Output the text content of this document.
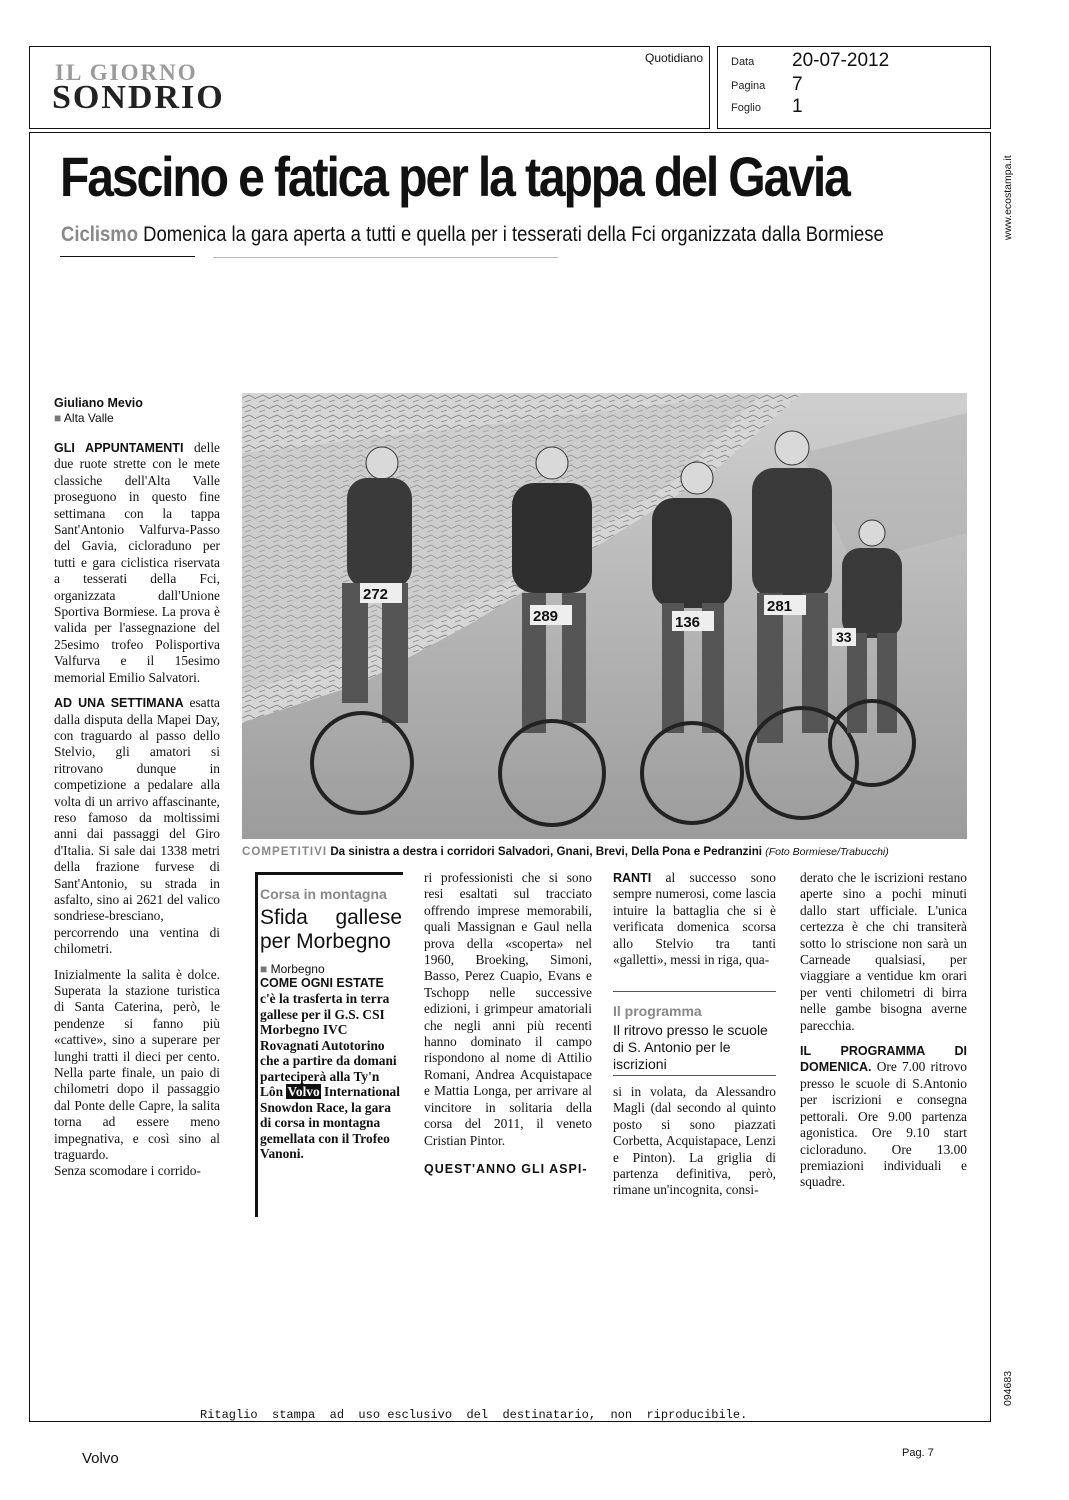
IL GIORNO
SONDRIO
Quotidiano	Data 20-07-2012
Pagina 7
Foglio 1
www.ecostampa.it
094683
Fascino e fatica per la tappa del Gavia
Ciclismo Domenica la gara aperta a tutti e quella per i tesserati della Fci organizzata dalla Bormiese
Giuliano Mevio
■ Alta Valle

GLI APPUNTAMENTI delle due ruote strette con le mete classiche dell'Alta Valle proseguono in questo fine settimana con la tappa Sant'Antonio Valfurva-Passo del Gavia, cicloraduno per tutti e gara ciclistica riservata a tesserati della Fci, organizzata dall'Unione Sportiva Bormiese. La prova è valida per l'assegnazione del 25esimo trofeo Polisportiva Valfurva e il 15esimo memorial Emilio Salvatori.

AD UNA SETTIMANA esatta dalla disputa della Mapei Day, con traguardo al passo dello Stelvio, gli amatori si ritrovano dunque in competizione a pedalare alla volta di un arrivo affascinante, reso famoso da moltissimi anni dai passaggi del Giro d'Italia. Si sale dai 1338 metri della frazione furvese di Sant'Antonio, su strada in asfalto, sino ai 2621 del valico sondriese-bresciano, percorrendo una ventina di chilometri.

Inizialmente la salita è dolce. Superata la stazione turistica di Santa Caterina, però, le pendenze si fanno più «cattive», sino a superare per lunghi tratti il dieci per cento. Nella parte finale, un paio di chilometri dopo il passaggio dal Ponte delle Capre, la salita torna ad essere meno impegnativa, e così sino al traguardo.

Senza scomodare i corrido-

272
289	136
281
33
COMPETITIVI Da sinistra a destra i corridori Salvadori, Gnani, Brevi, Della Pona e Pedranzini (Foto Bormiese/Trabucchi)
Corsa in montagna
Sfida gallese per Morbegno
■ Morbegno
COME OGNI ESTATE
c'è la trasferta in terra gallese per il G.S. CSI Morbegno IVC Rovagnati Autotorino che a partire da domani parteciperà alla Ty'n Lôn Volvo International Snowdon Race, la gara di corsa in montagna gemellata con il Trofeo Vanoni.

ri professionisti che si sono resi esaltati sul tracciato offrendo imprese memorabili, quali Massignan e Gaul nella prova della «scoperta» nel 1960, Broeking, Simoni, Basso, Perez Cuapio, Evans e Tschopp nelle successive edizioni, i grimpeur amatoriali che negli anni più recenti hanno dominato il campo rispondono al nome di Attilio Romani, Andrea Acquistapace e Mattia Longa, per arrivare al vincitore in solitaria della corsa del 2011, il veneto Cristian Pintor.

QUEST'ANNO GLI ASPI-

RANTI al successo sono sempre numerosi, come lascia intuire la battaglia che si è verificata domenica scorsa allo Stelvio tra tanti «galletti», messi in riga, qua-

Il programma
Il ritrovo presso le scuole di S. Antonio per le iscrizioni

si in volata, da Alessandro Magli (dal secondo al quinto posto si sono piazzati Corbetta, Acquistapace, Lenzi e Pinton). La griglia di partenza definitiva, però, rimane un'incognita, consi-

derato che le iscrizioni restano aperte sino a pochi minuti dallo start ufficiale. L'unica certezza è che chi transiterà sotto lo striscione non sarà un Carneade qualsiasi, per viaggiare a ventidue km orari per venti chilometri di birra nelle gambe bisogna averne parecchia.

IL PROGRAMMA DI DOMENICA. Ore 7.00 ritrovo presso le scuole di S.Antonio per iscrizioni e consegna pettorali. Ore 9.00 partenza agonistica. Ore 9.10 start cicloraduno. Ore 13.00 premiazioni individuali e squadre.

Ritaglio  stampa  ad  uso esclusivo  del  destinatario,  non  riproducibile.
Volvo	Pag. 7
